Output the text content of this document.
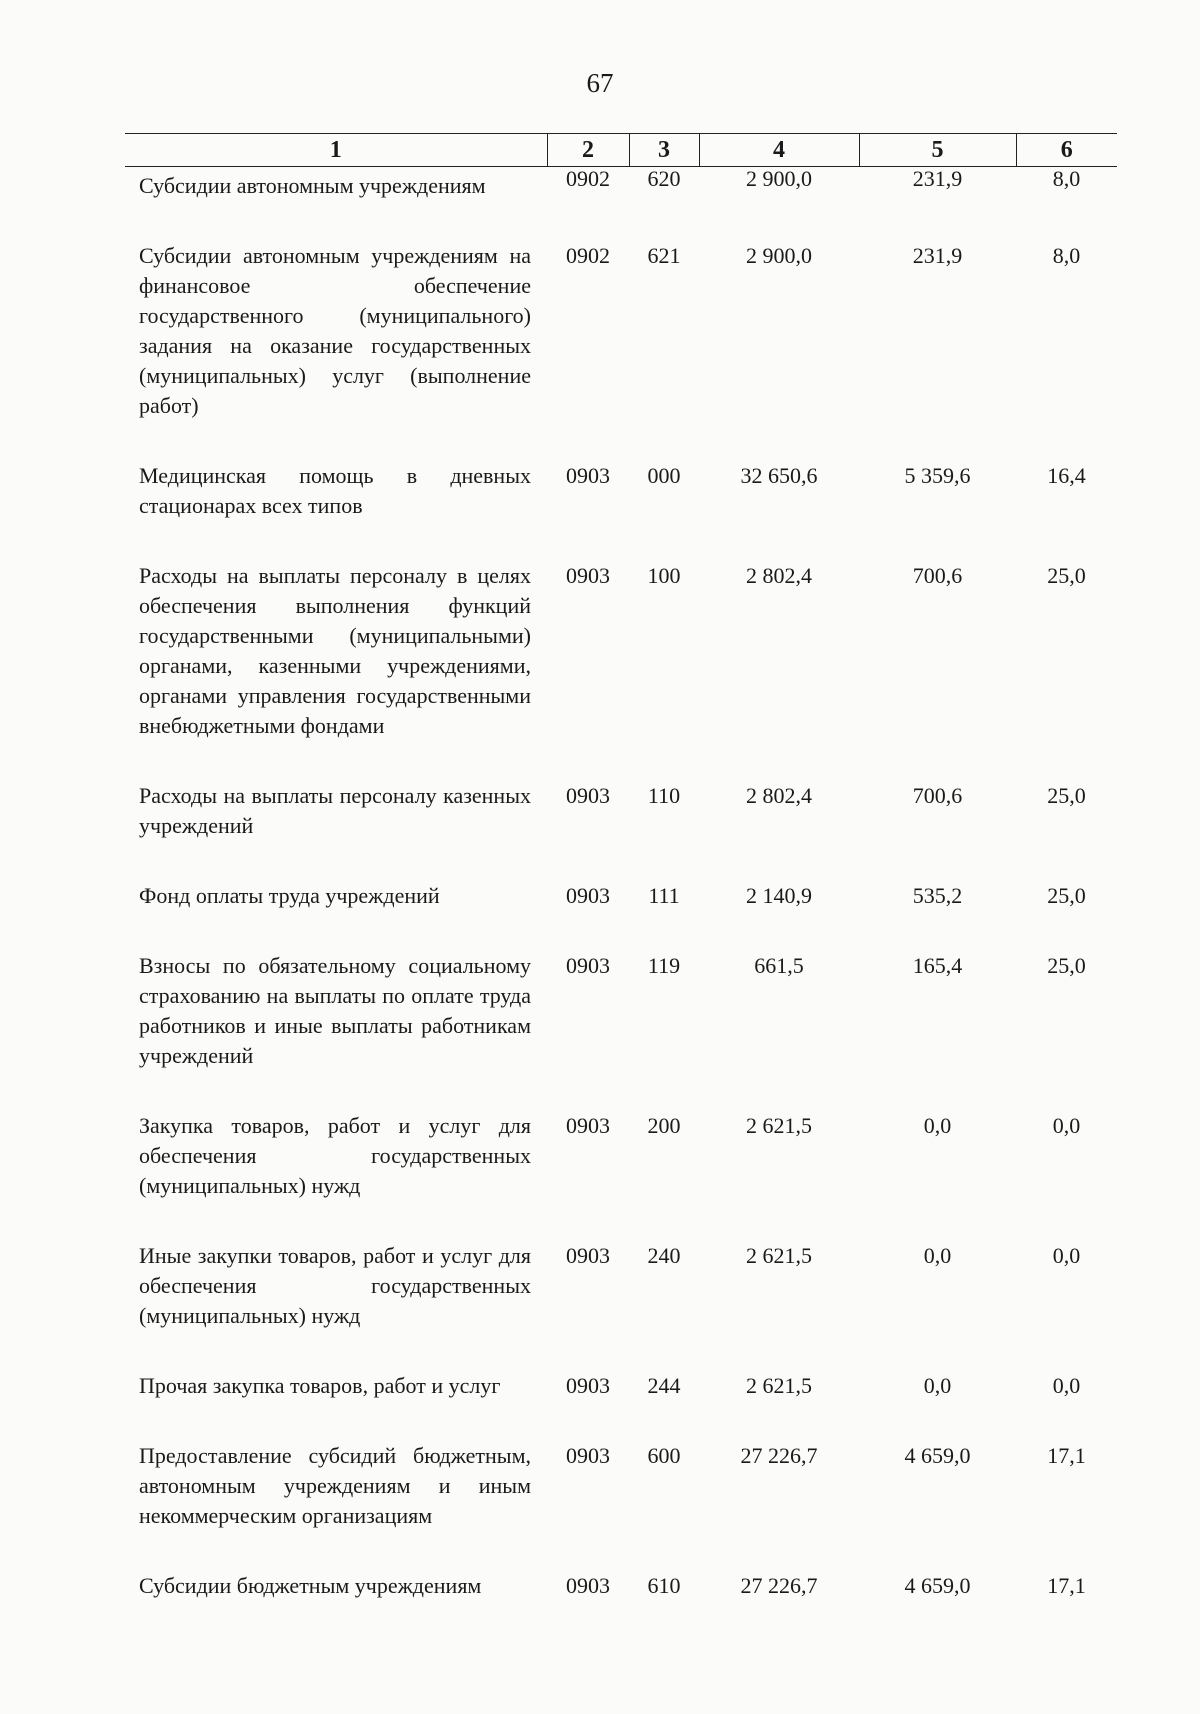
67
1	2	3	4	5	6
Субсидии автономным учреждениям	0902	620	2 900,0	231,9	8,0
Субсидии автономным учреждениям на финансовое обеспечение государственного (муниципального) задания на оказание государственных (муниципальных) услуг (выполнение работ)	0902	621	2 900,0	231,9	8,0
Медицинская помощь в дневных стационарах всех типов	0903	000	32 650,6	5 359,6	16,4
Расходы на выплаты персоналу в целях обеспечения выполнения функций государственными (муниципальными) органами, казенными учреждениями, органами управления государственными внебюджетными фондами	0903	100	2 802,4	700,6	25,0
Расходы на выплаты персоналу казенных учреждений	0903	110	2 802,4	700,6	25,0
Фонд оплаты труда учреждений	0903	111	2 140,9	535,2	25,0
Взносы по обязательному социальному страхованию на выплаты по оплате труда работников и иные выплаты работникам учреждений	0903	119	661,5	165,4	25,0
Закупка товаров, работ и услуг для обеспечения государственных (муниципальных) нужд	0903	200	2 621,5	0,0	0,0
Иные закупки товаров, работ и услуг для обеспечения государственных (муниципальных) нужд	0903	240	2 621,5	0,0	0,0
Прочая закупка товаров, работ и услуг	0903	244	2 621,5	0,0	0,0
Предоставление субсидий бюджетным, автономным учреждениям и иным некоммерческим организациям	0903	600	27 226,7	4 659,0	17,1
Субсидии бюджетным учреждениям	0903	610	27 226,7	4 659,0	17,1
